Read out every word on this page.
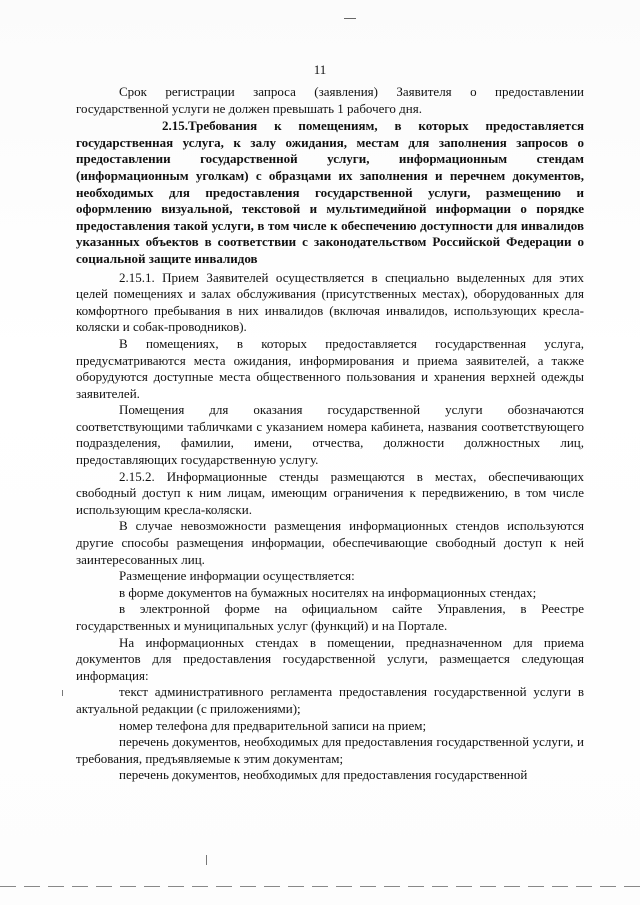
11

Срок регистрации запроса (заявления) Заявителя о предоставлении государственной услуги не должен превышать 1 рабочего дня.

2.15.Требования к помещениям, в которых предоставляется государственная услуга, к залу ожидания, местам для заполнения запросов о предоставлении государственной услуги, информационным стендам (информационным уголкам) с образцами их заполнения и перечнем документов, необходимых для предоставления государственной услуги, размещению и оформлению визуальной, текстовой и мультимедийной информации о порядке предоставления такой услуги, в том числе к обеспечению доступности для инвалидов указанных объектов в соответствии с законодательством Российской Федерации о социальной защите инвалидов

2.15.1. Прием Заявителей осуществляется в специально выделенных для этих целей помещениях и залах обслуживания (присутственных местах), оборудованных для комфортного пребывания в них инвалидов (включая инвалидов, использующих кресла-коляски и собак-проводников).

В помещениях, в которых предоставляется государственная услуга, предусматриваются места ожидания, информирования и приема заявителей, а также оборудуются доступные места общественного пользования и хранения верхней одежды заявителей.

Помещения для оказания государственной услуги обозначаются соответствующими табличками с указанием номера кабинета, названия соответствующего подразделения, фамилии, имени, отчества, должности должностных лиц, предоставляющих государственную услугу.

2.15.2. Информационные стенды размещаются в местах, обеспечивающих свободный доступ к ним лицам, имеющим ограничения к передвижению, в том числе использующим кресла-коляски.

В случае невозможности размещения информационных стендов используются другие способы размещения информации, обеспечивающие свободный доступ к ней заинтересованных лиц.

Размещение информации осуществляется:

в форме документов на бумажных носителях на информационных стендах;

в электронной форме на официальном сайте Управления, в Реестре государственных и муниципальных услуг (функций) и на Портале.

На информационных стендах в помещении, предназначенном для приема документов для предоставления государственной услуги, размещается следующая информация:

текст административного регламента предоставления государственной услуги в актуальной редакции (с приложениями);

номер телефона для предварительной записи на прием;

перечень документов, необходимых для предоставления государственной услуги, и требования, предъявляемые к этим документам;

перечень документов, необходимых для предоставления государственной
